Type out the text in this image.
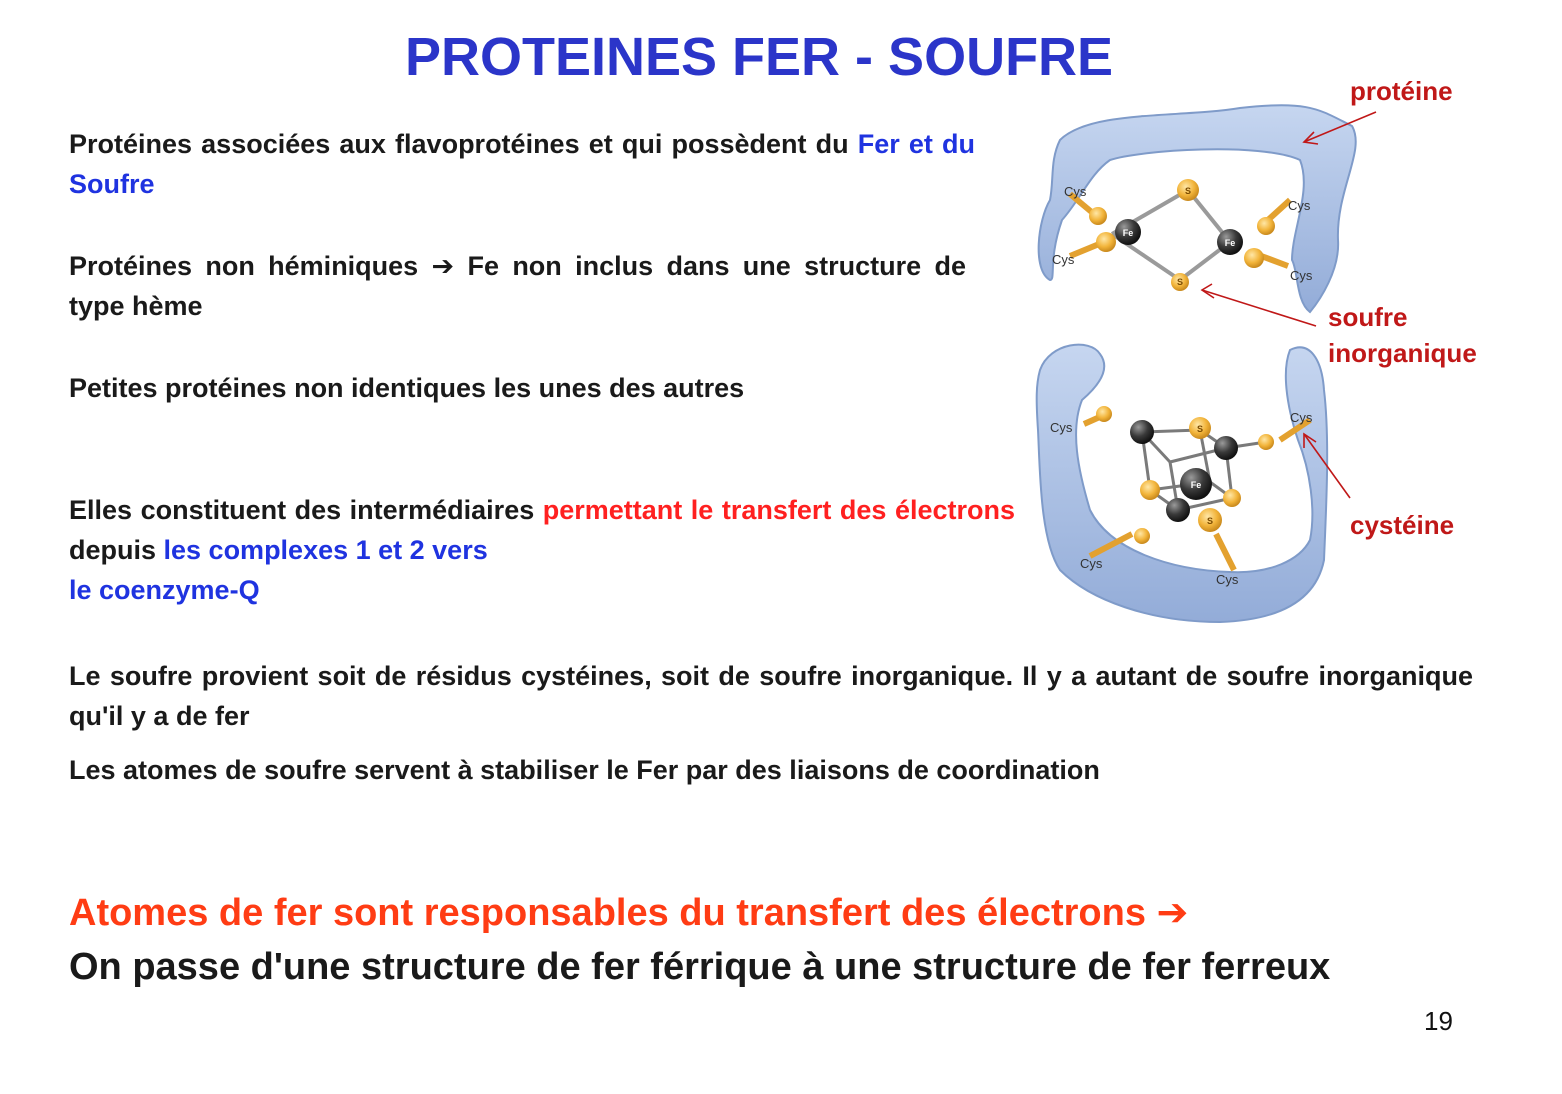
PROTEINES FER - SOUFRE
Protéines associées aux flavoprotéines et qui possèdent du Fer et du Soufre
Protéines non héminiques ➔ Fe non inclus dans une structure de type hème
Petites protéines non identiques les unes des autres
Elles constituent des intermédiaires permettant le transfert des électrons depuis les complexes 1 et 2 vers
le coenzyme-Q
Le soufre provient soit de résidus cystéines, soit de soufre inorganique. Il y a autant de soufre inorganique qu'il y a de fer
Les atomes de soufre servent à stabiliser le Fer par des liaisons de coordination
Atomes de fer sont responsables du transfert des électrons ➔
On passe d'une structure de fer férrique à une structure de fer ferreux
19
Cys
Cys
Cys
Cys
Cys
Cys
Cys
Cys
Fe
Fe
Fe
S
S
S
S
protéine
soufre
inorganique
cystéine
